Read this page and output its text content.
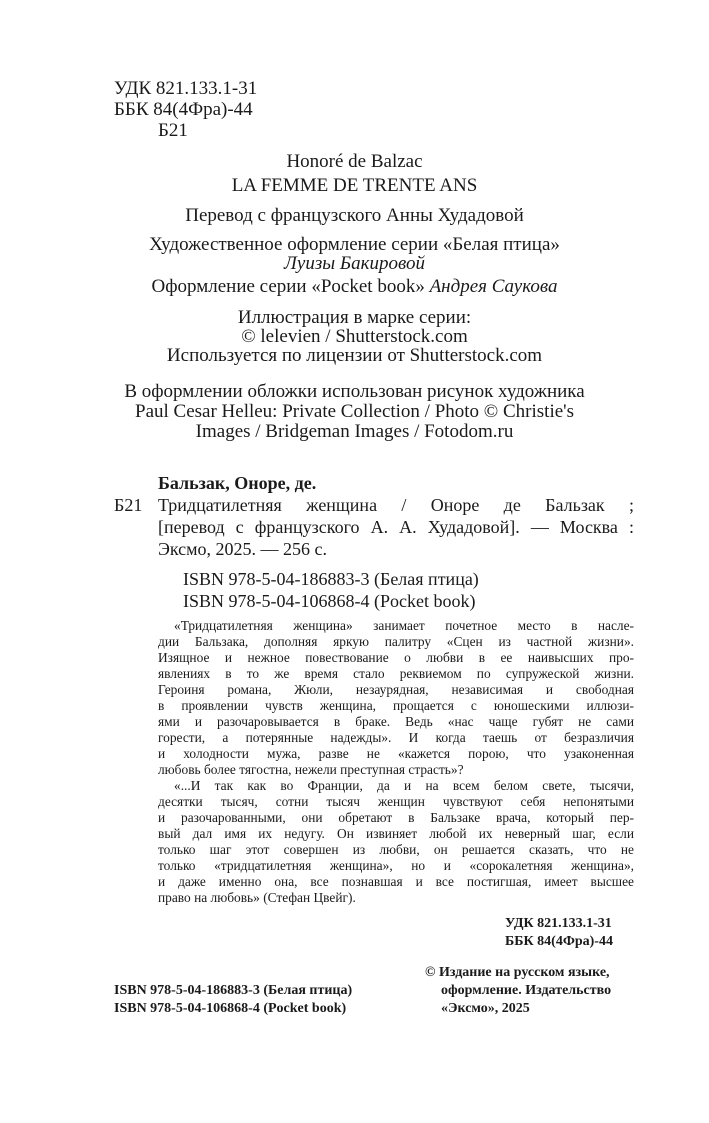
УДК 821.133.1-31
ББК 84(4Фра)-44
Б21
Honoré de Balzac
LA FEMME DE TRENTE ANS
Перевод с французского Анны Худадовой
Художественное оформление серии «Белая птица»
Луизы Бакировой
Оформление серии «Pocket book» Андрея Саукова
Иллюстрация в марке серии:
© lelevien / Shutterstock.com
Используется по лицензии от Shutterstock.com
В оформлении обложки использован рисунок художника
Paul Cesar Helleu: Private Collection / Photo © Christie's
Images / Bridgeman Images / Fotodom.ru
Бальзак, Оноре, де.
Б21 Тридцатилетняя женщина / Оноре де Бальзак ;
[перевод с французского А. А. Худадовой]. — Москва :
Эксмо, 2025. — 256 с.
ISBN 978-5-04-186883-3 (Белая птица)
ISBN 978-5-04-106868-4 (Pocket book)
«Тридцатилетняя женщина» занимает почетное место в насле-
дии Бальзака, дополняя яркую палитру «Сцен из частной жизни».
Изящное и нежное повествование о любви в ее наивысших про-
явлениях в то же время стало реквиемом по супружеской жизни.
Героиня романа, Жюли, незаурядная, независимая и свободная
в проявлении чувств женщина, прощается с юношескими иллюзи-
ями и разочаровывается в браке. Ведь «нас чаще губят не сами
горести, а потерянные надежды». И когда таешь от безразличия
и холодности мужа, разве не «кажется порою, что узаконенная
любовь более тягостна, нежели преступная страсть»?
«...И так как во Франции, да и на всем белом свете, тысячи,
десятки тысяч, сотни тысяч женщин чувствуют себя непонятыми
и разочарованными, они обретают в Бальзаке врача, который пер-
вый дал имя их недугу. Он извиняет любой их неверный шаг, если
только шаг этот совершен из любви, он решается сказать, что не
только «тридцатилетняя женщина», но и «сорокалетняя женщина»,
и даже именно она, все познавшая и все постигшая, имеет высшее
право на любовь» (Стефан Цвейг).
УДК 821.133.1-31
ББК 84(4Фра)-44
© Издание на русском языке,
оформление. Издательство
«Эксмо», 2025
ISBN 978-5-04-186883-3 (Белая птица)
ISBN 978-5-04-106868-4 (Pocket book)
